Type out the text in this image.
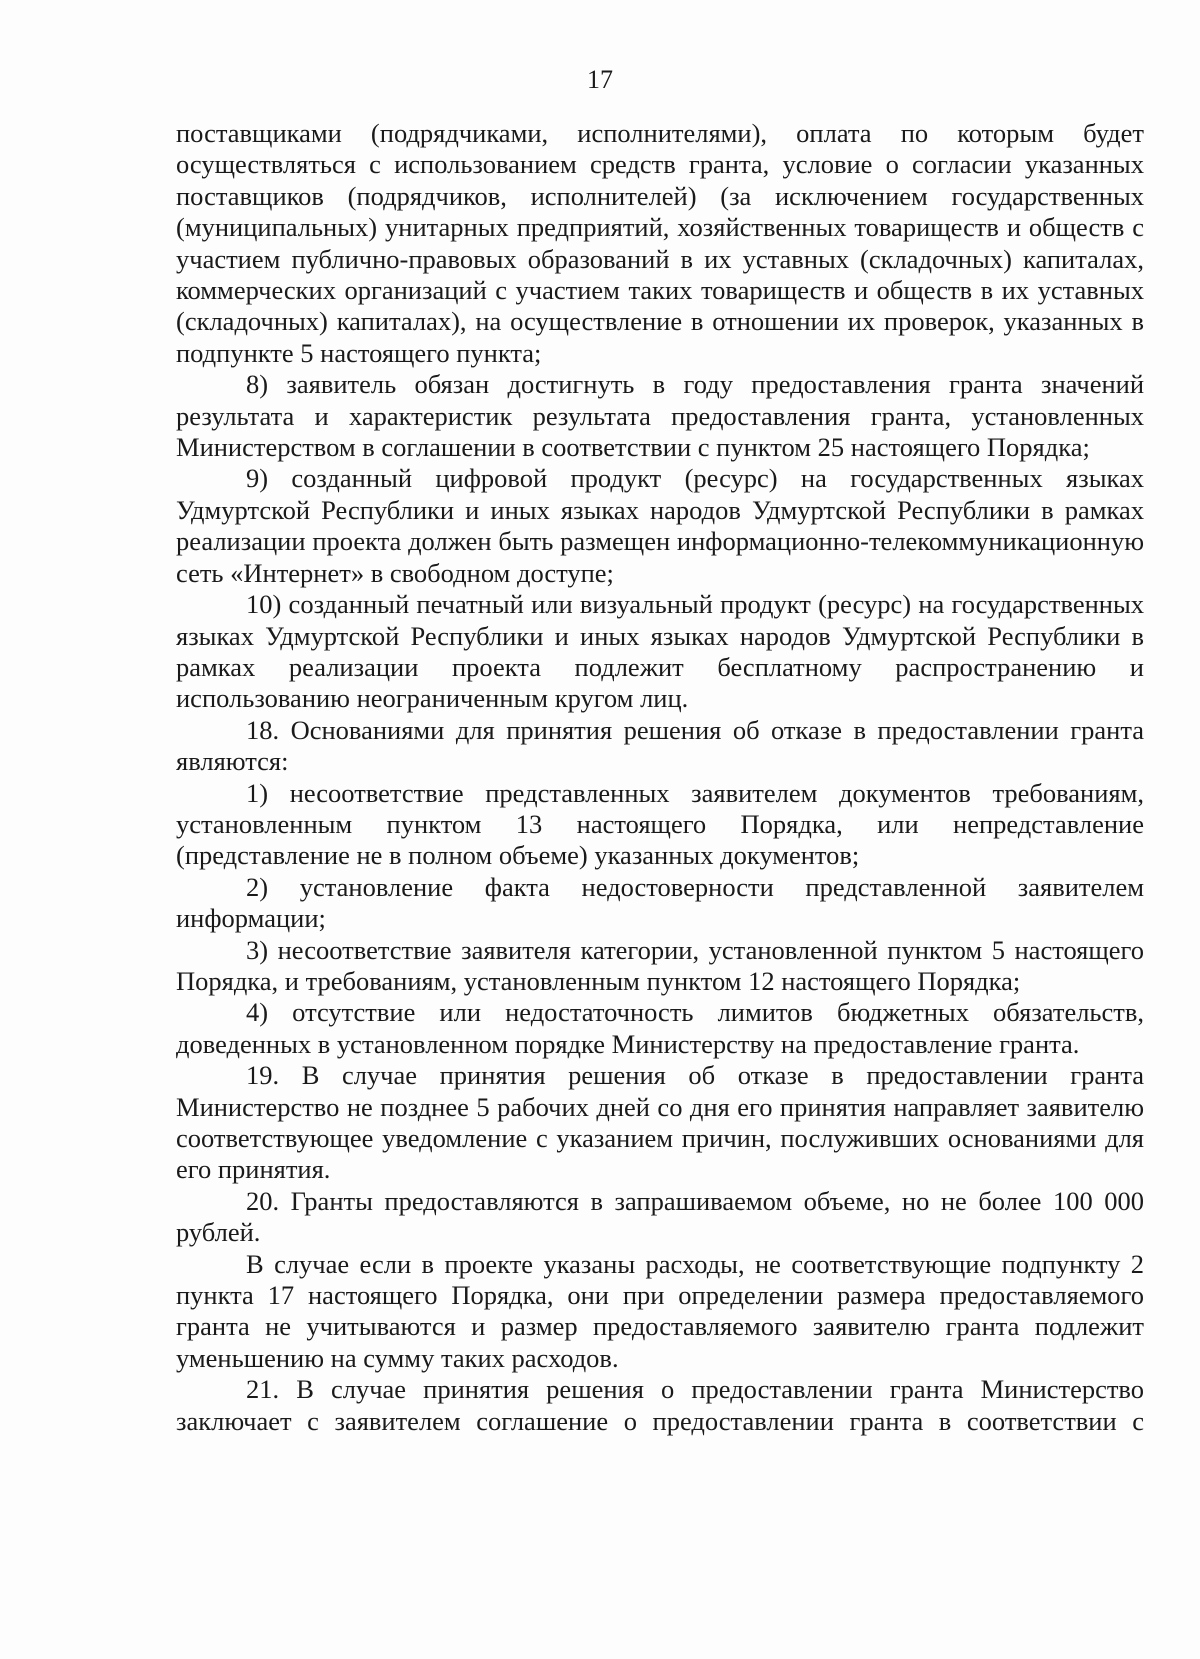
17

поставщиками (подрядчиками, исполнителями), оплата по которым будет осуществляться с использованием средств гранта, условие о согласии указанных поставщиков (подрядчиков, исполнителей) (за исключением государственных (муниципальных) унитарных предприятий, хозяйственных товариществ и обществ с участием публично-правовых образований в их уставных (складочных) капиталах, коммерческих организаций с участием таких товариществ и обществ в их уставных (складочных) капиталах), на осуществление в отношении их проверок, указанных в подпункте 5 настоящего пункта;

8) заявитель обязан достигнуть в году предоставления гранта значений результата и характеристик результата предоставления гранта, установленных Министерством в соглашении в соответствии с пунктом 25 настоящего Порядка;

9) созданный цифровой продукт (ресурс) на государственных языках Удмуртской Республики и иных языках народов Удмуртской Республики в рамках реализации проекта должен быть размещен информационно-телекоммуникационную сеть «Интернет» в свободном доступе;

10) созданный печатный или визуальный продукт (ресурс) на государственных языках Удмуртской Республики и иных языках народов Удмуртской Республики в рамках реализации проекта подлежит бесплатному распространению и использованию неограниченным кругом лиц.

18. Основаниями для принятия решения об отказе в предоставлении гранта являются:

1) несоответствие представленных заявителем документов требованиям, установленным пунктом 13 настоящего Порядка, или непредставление (представление не в полном объеме) указанных документов;

2) установление факта недостоверности представленной заявителем информации;

3) несоответствие заявителя категории, установленной пунктом 5 настоящего Порядка, и требованиям, установленным пунктом 12 настоящего Порядка;

4) отсутствие или недостаточность лимитов бюджетных обязательств, доведенных в установленном порядке Министерству на предоставление гранта.

19. В случае принятия решения об отказе в предоставлении гранта Министерство не позднее 5 рабочих дней со дня его принятия направляет заявителю соответствующее уведомление с указанием причин, послуживших основаниями для его принятия.

20. Гранты предоставляются в запрашиваемом объеме, но не более 100 000 рублей.

В случае если в проекте указаны расходы, не соответствующие подпункту 2 пункта 17 настоящего Порядка, они при определении размера предоставляемого гранта не учитываются и размер предоставляемого заявителю гранта подлежит уменьшению на сумму таких расходов.

21. В случае принятия решения о предоставлении гранта Министерство заключает с заявителем соглашение о предоставлении гранта в соответствии с
